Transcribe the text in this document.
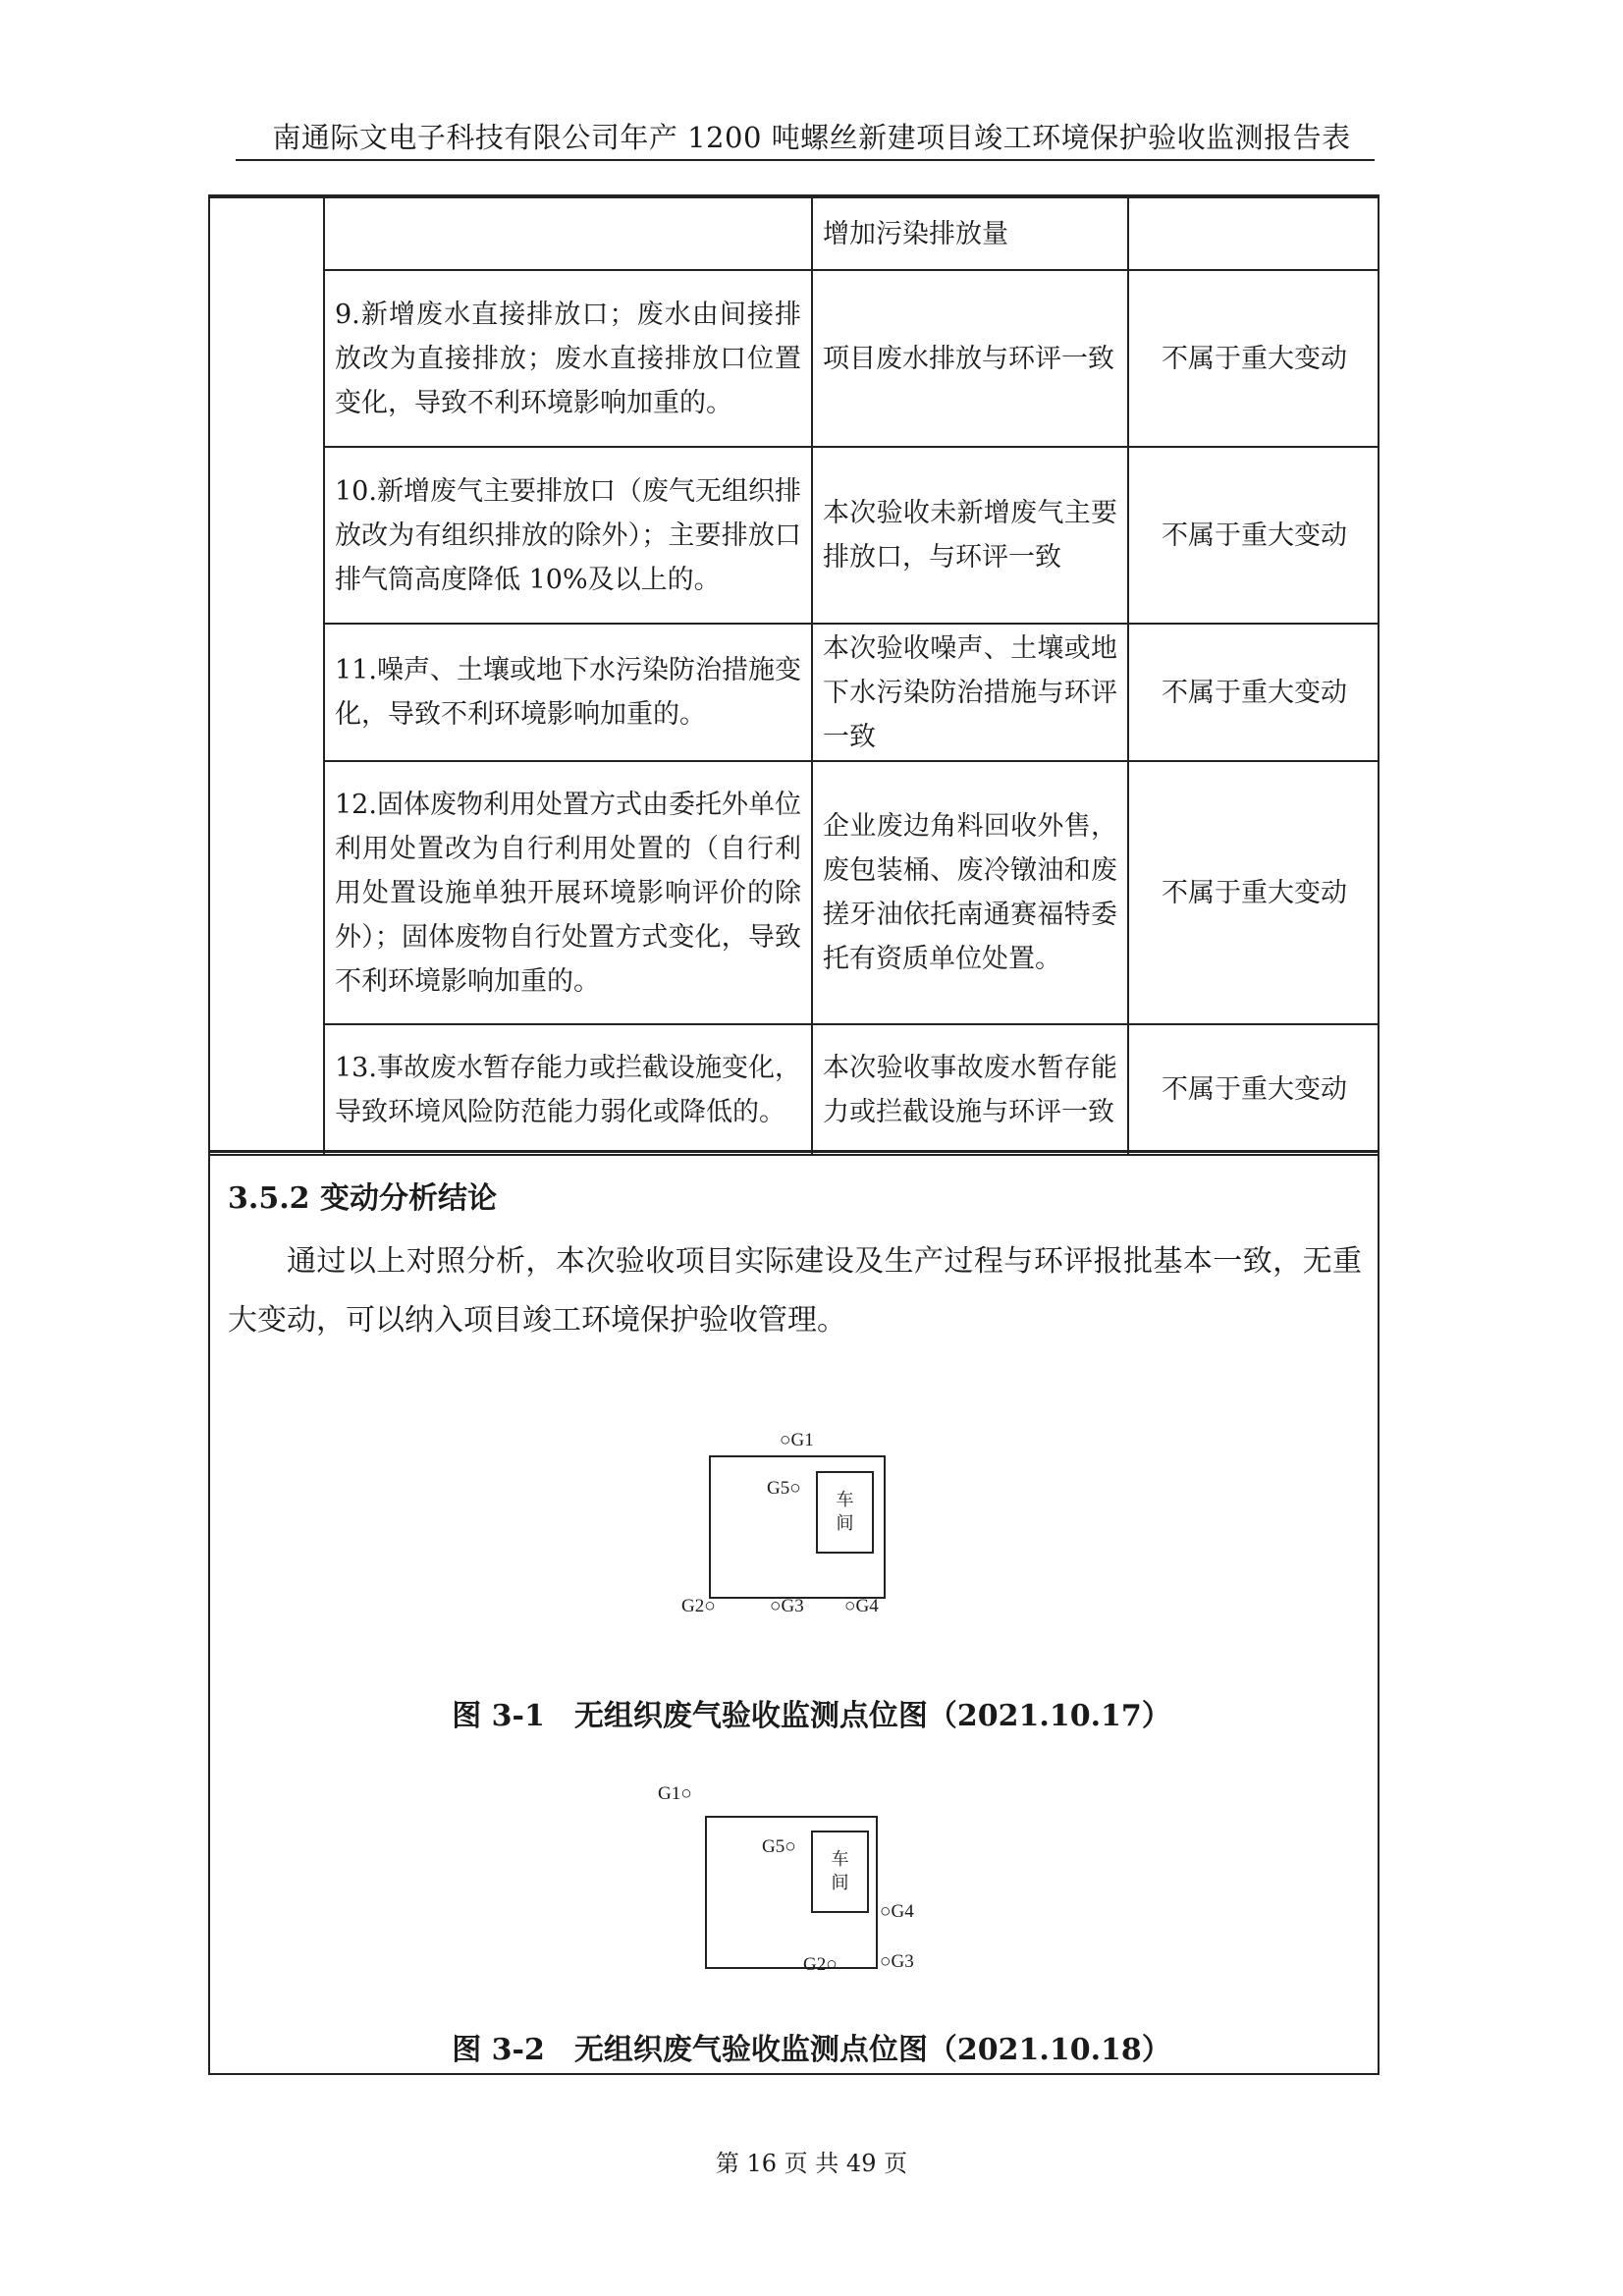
南通际文电子科技有限公司年产 1200 吨螺丝新建项目竣工环境保护验收监测报告表
		增加污染排放量	
	9.新增废水直接排放口；废水由间接排放改为直接排放；废水直接排放口位置变化，导致不利环境影响加重的。	项目废水排放与环评一致	不属于重大变动
	10.新增废气主要排放口（废气无组织排放改为有组织排放的除外）；主要排放口排气筒高度降低 10%及以上的。	本次验收未新增废气主要排放口，与环评一致	不属于重大变动
	11.噪声、土壤或地下水污染防治措施变化，导致不利环境影响加重的。	本次验收噪声、土壤或地下水污染防治措施与环评一致	不属于重大变动
	12.固体废物利用处置方式由委托外单位利用处置改为自行利用处置的（自行利用处置设施单独开展环境影响评价的除外）；固体废物自行处置方式变化，导致不利环境影响加重的。	企业废边角料回收外售，废包装桶、废冷镦油和废搓牙油依托南通赛福特委托有资质单位处置。	不属于重大变动
	13.事故废水暂存能力或拦截设施变化，导致环境风险防范能力弱化或降低的。	本次验收事故废水暂存能力或拦截设施与环评一致	不属于重大变动
3.5.2 变动分析结论
通过以上对照分析，本次验收项目实际建设及生产过程与环评报批基本一致，无重大变动，可以纳入项目竣工环境保护验收管理。
车
间
○G1
G5○
G2○	○G3 ○G4
图 3-1　无组织废气验收监测点位图（2021.10.17）
车
间
G1○
G5○
○G4
G2○ ○G3
图 3-2　无组织废气验收监测点位图（2021.10.18）
第 16 页 共 49 页
